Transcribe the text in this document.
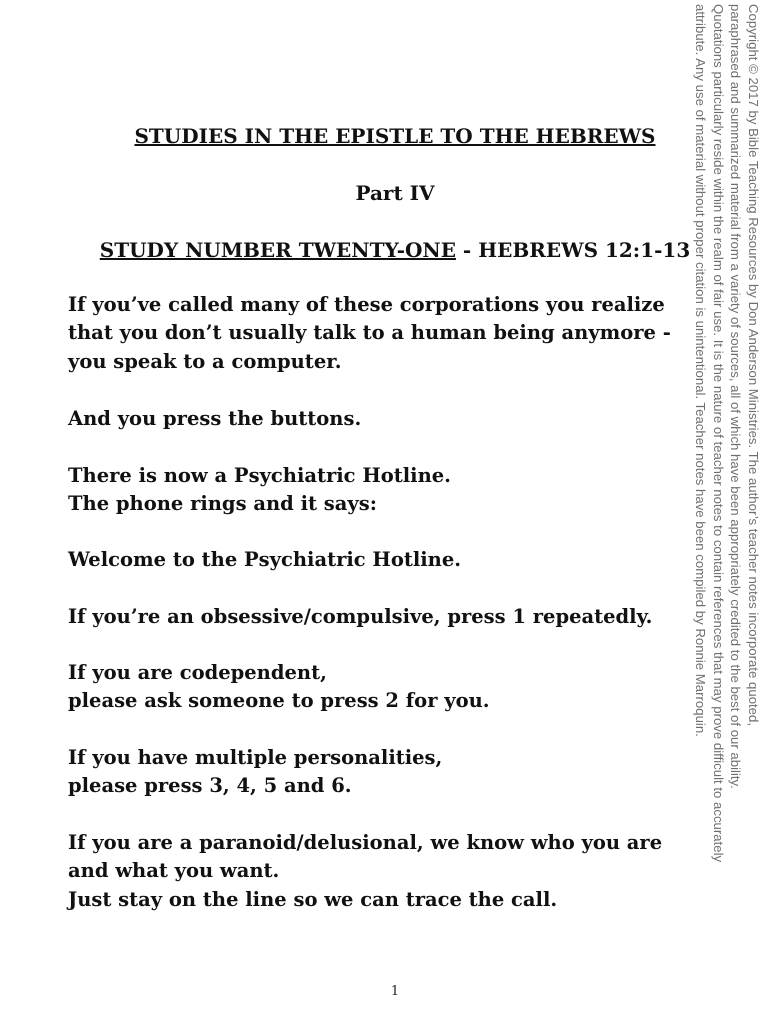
STUDIES IN THE EPISTLE TO THE HEBREWS
Part IV
STUDY NUMBER TWENTY-ONE - HEBREWS 12:1-13
If you’ve called many of these corporations you realize
that you don’t usually talk to a human being anymore -
you speak to a computer.
And you press the buttons.
There is now a Psychiatric Hotline.
The phone rings and it says:
Welcome to the Psychiatric Hotline.
If you’re an obsessive/compulsive, press 1 repeatedly.
If you are codependent,
please ask someone to press 2 for you.
If you have multiple personalities,
please press 3, 4, 5 and 6.
If you are a paranoid/delusional, we know who you are
and what you want.
Just stay on the line so we can trace the call.
Copyright © 2017 by Bible Teaching Resources by Don Anderson Ministries. The author’s teacher notes incorporate quoted,
paraphrased and summarized material from a variety of sources, all of which have been appropriately credited to the best of our ability.
Quotations particularly reside within the realm of fair use. It is the nature of teacher notes to contain references that may prove difficult to accurately
attribute. Any use of material without proper citation is unintentional. Teacher notes have been compiled by Ronnie Marroquin.
1
